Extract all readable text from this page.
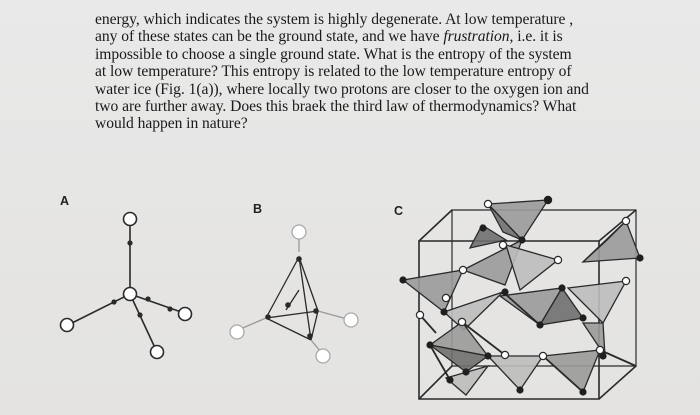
energy, which indicates the system is highly degenerate. At low temperature ,
any of these states can be the ground state, and we have frustration, i.e. it is
impossible to choose a single ground state. What is the entropy of the system
at low temperature? This entropy is related to the low temperature entropy of
water ice (Fig. 1(a)), where locally two protons are closer to the oxygen ion and
two are further away. Does this braek the third law of thermodynamics? What
would happen in nature?
A
B	C
